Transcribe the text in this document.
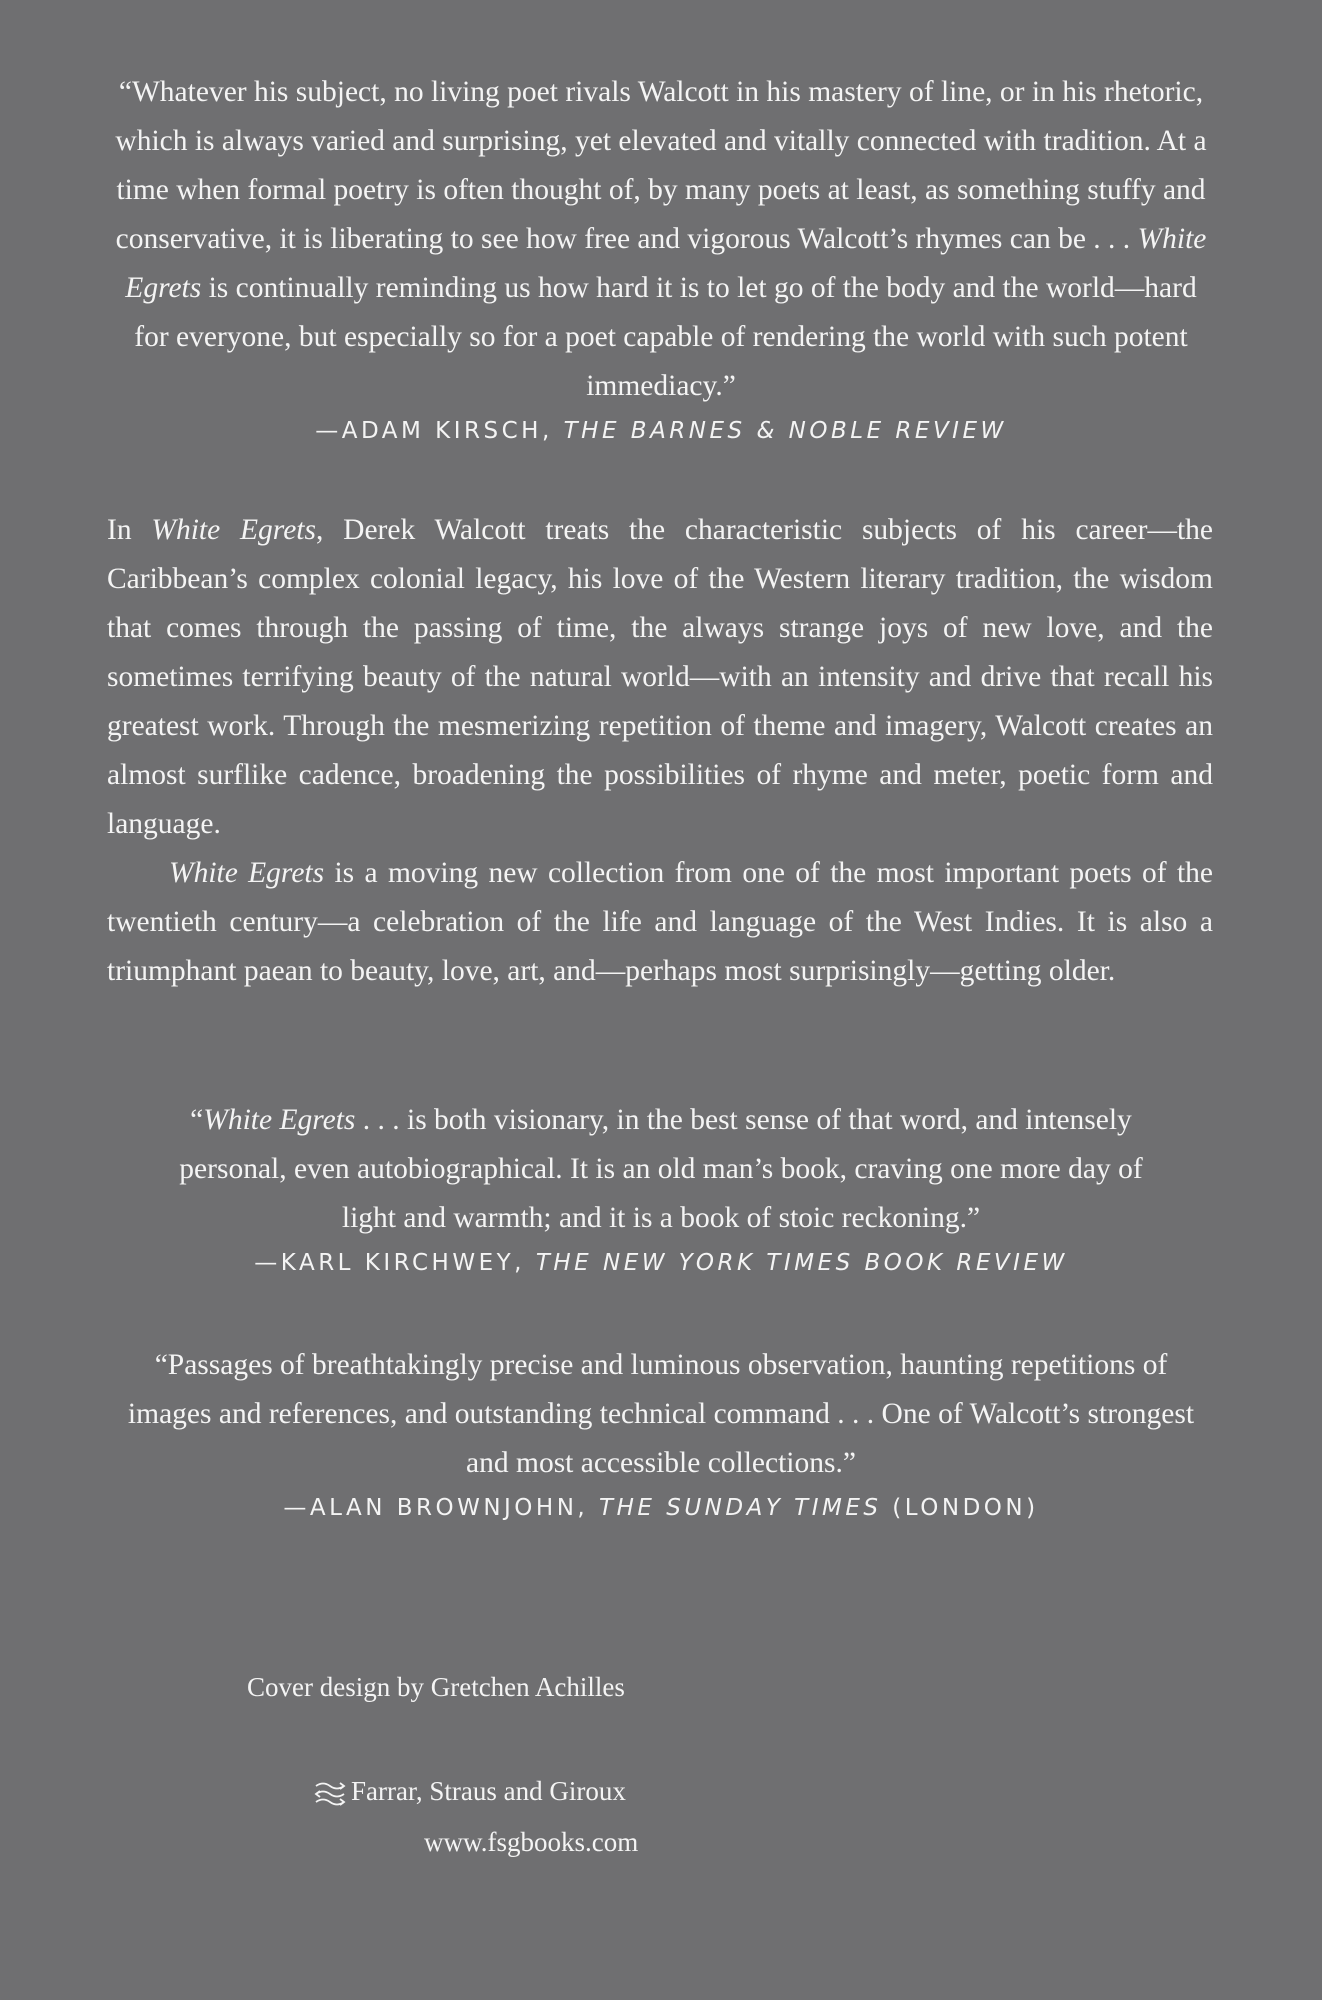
“Whatever his subject, no living poet rivals Walcott in his mastery of line, or in his rhetoric, which is always varied and surprising, yet elevated and vitally connected with tradition. At a time when formal poetry is often thought of, by many poets at least, as something stuffy and conservative, it is liberating to see how free and vigorous Walcott’s rhymes can be . . . White Egrets is continually reminding us how hard it is to let go of the body and the world—hard for everyone, but especially so for a poet capable of rendering the world with such potent immediacy.”

—ADAM KIRSCH, THE BARNES & NOBLE REVIEW

In White Egrets, Derek Walcott treats the characteristic subjects of his career—the Caribbean’s complex colonial legacy, his love of the Western literary tradition, the wisdom that comes through the passing of time, the always strange joys of new love, and the sometimes terrifying beauty of the natural world—with an intensity and drive that recall his greatest work. Through the mesmerizing repetition of theme and imagery, Walcott creates an almost surflike cadence, broadening the possibilities of rhyme and meter, poetic form and language.

White Egrets is a moving new collection from one of the most important poets of the twentieth century—a celebration of the life and language of the West Indies. It is also a triumphant paean to beauty, love, art, and—perhaps most surprisingly—getting older.

“White Egrets . . . is both visionary, in the best sense of that word, and intensely personal, even autobiographical. It is an old man’s book, craving one more day of light and warmth; and it is a book of stoic reckoning.”

—KARL KIRCHWEY, THE NEW YORK TIMES BOOK REVIEW

“Passages of breathtakingly precise and luminous observation, haunting repetitions of images and references, and outstanding technical command . . . One of Walcott’s strongest and most accessible collections.”

—ALAN BROWNJOHN, THE SUNDAY TIMES (LONDON)

Cover design by Gretchen Achilles
Farrar, Straus and Giroux
www.fsgbooks.com
